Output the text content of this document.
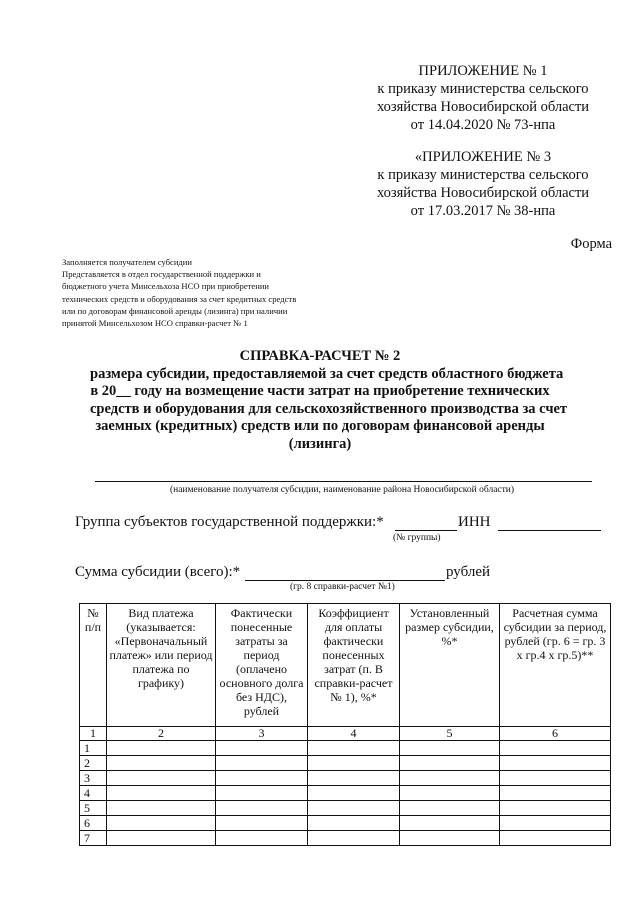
ПРИЛОЖЕНИЕ № 1
к приказу министерства сельского
хозяйства Новосибирской области
от 14.04.2020 № 73-нпа
«ПРИЛОЖЕНИЕ № 3
к приказу министерства сельского
хозяйства Новосибирской области
от 17.03.2017 № 38-нпа
Форма
Заполняется получателем субсидии
Представляется в отдел государственной поддержки и
бюджетного учета Минсельхоза НСО при приобретении
технических средств и оборудования за счет кредитных средств
или по договорам финансовой аренды (лизинга) при наличии
принятой Минсельхозом НСО справки-расчет № 1
СПРАВКА-РАСЧЕТ № 2
размера субсидии, предоставляемой за счет средств областного бюджета
в 20__ году на возмещение части затрат на приобретение технических
средств и оборудования для сельскохозяйственного производства за счет
заемных (кредитных) средств или по договорам финансовой аренды
(лизинга)
(наименование получателя субсидии, наименование района Новосибирской области)
Группа субъектов государственной поддержки:*	ИНН
(№ группы)
Сумма субсидии (всего):*	рублей
(гр. 8 справки-расчет №1)
№ п/п	Вид платежа (указывается: «Первоначальный платеж» или период платежа по графику)	Фактически понесенные затраты за период (оплачено основного долга без НДС), рублей	Коэффициент для оплаты фактически понесенных затрат (п. В справки-расчет № 1), %*	Установленный размер субсидии, %*	Расчетная сумма субсидии за период, рублей (гр. 6 = гр. 3 х гр.4 х гр.5)**
1	2	3	4	5	6
1					
2					
3					
4					
5					
6					
7					
